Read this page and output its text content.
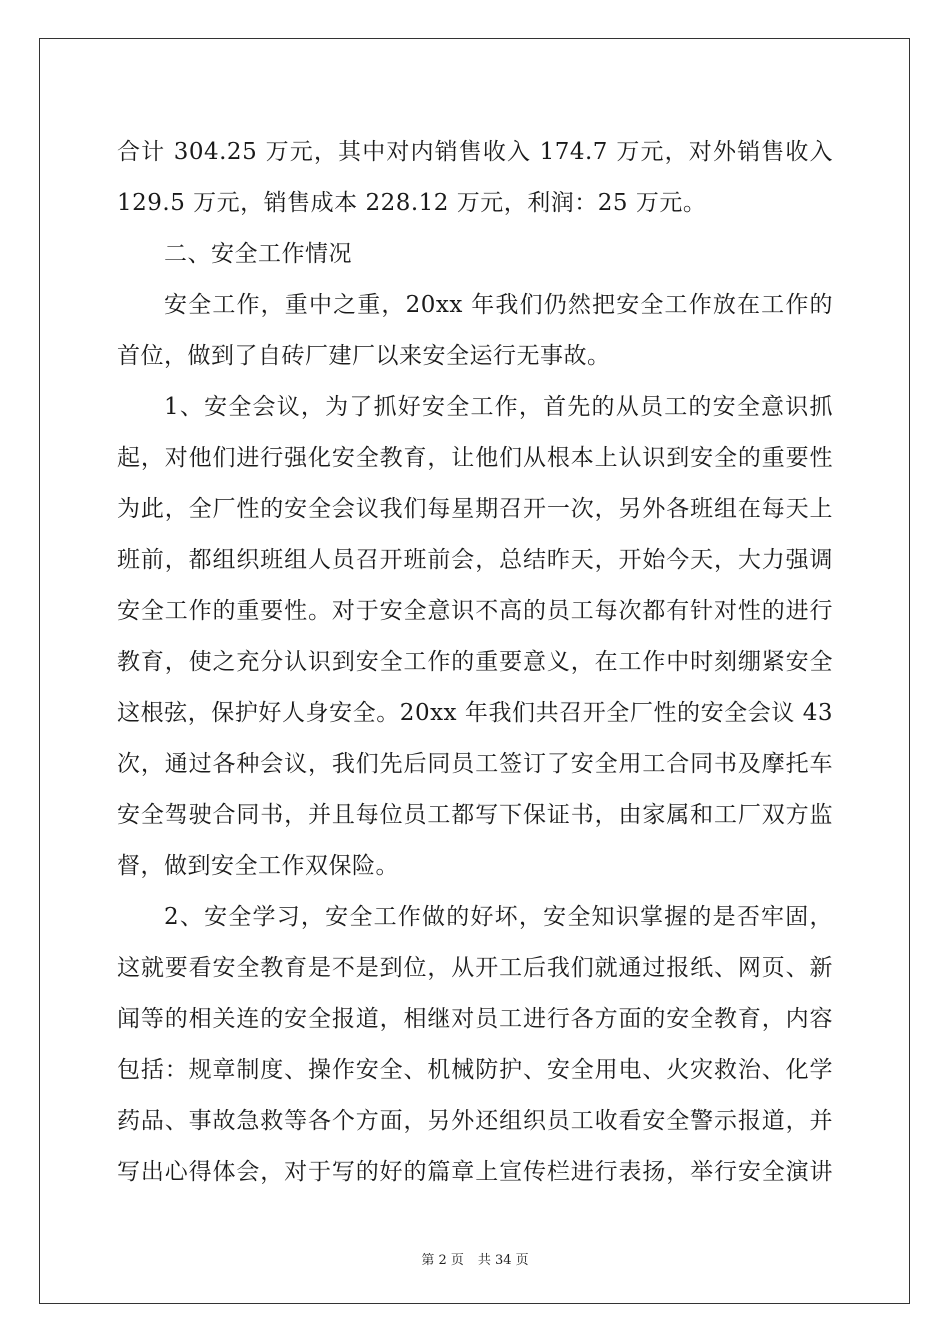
合计 304.25 万元，其中对内销售收入 174.7 万元，对外销售收入
129.5 万元，销售成本 228.12 万元，利润：25 万元。
二、安全工作情况
安全工作，重中之重，20xx 年我们仍然把安全工作放在工作的
首位，做到了自砖厂建厂以来安全运行无事故。
1、安全会议，为了抓好安全工作，首先的从员工的安全意识抓
起，对他们进行强化安全教育，让他们从根本上认识到安全的重要性
为此，全厂性的安全会议我们每星期召开一次，另外各班组在每天上
班前，都组织班组人员召开班前会，总结昨天，开始今天，大力强调
安全工作的重要性。对于安全意识不高的员工每次都有针对性的进行
教育，使之充分认识到安全工作的重要意义，在工作中时刻绷紧安全
这根弦，保护好人身安全。20xx 年我们共召开全厂性的安全会议 43
次，通过各种会议，我们先后同员工签订了安全用工合同书及摩托车
安全驾驶合同书，并且每位员工都写下保证书，由家属和工厂双方监
督，做到安全工作双保险。
2、安全学习，安全工作做的好坏，安全知识掌握的是否牢固，
这就要看安全教育是不是到位，从开工后我们就通过报纸、网页、新
闻等的相关连的安全报道，相继对员工进行各方面的安全教育，内容
包括：规章制度、操作安全、机械防护、安全用电、火灾救治、化学
药品、事故急救等各个方面，另外还组织员工收看安全警示报道，并
写出心得体会，对于写的好的篇章上宣传栏进行表扬，举行安全演讲
第 2 页 共 34 页
